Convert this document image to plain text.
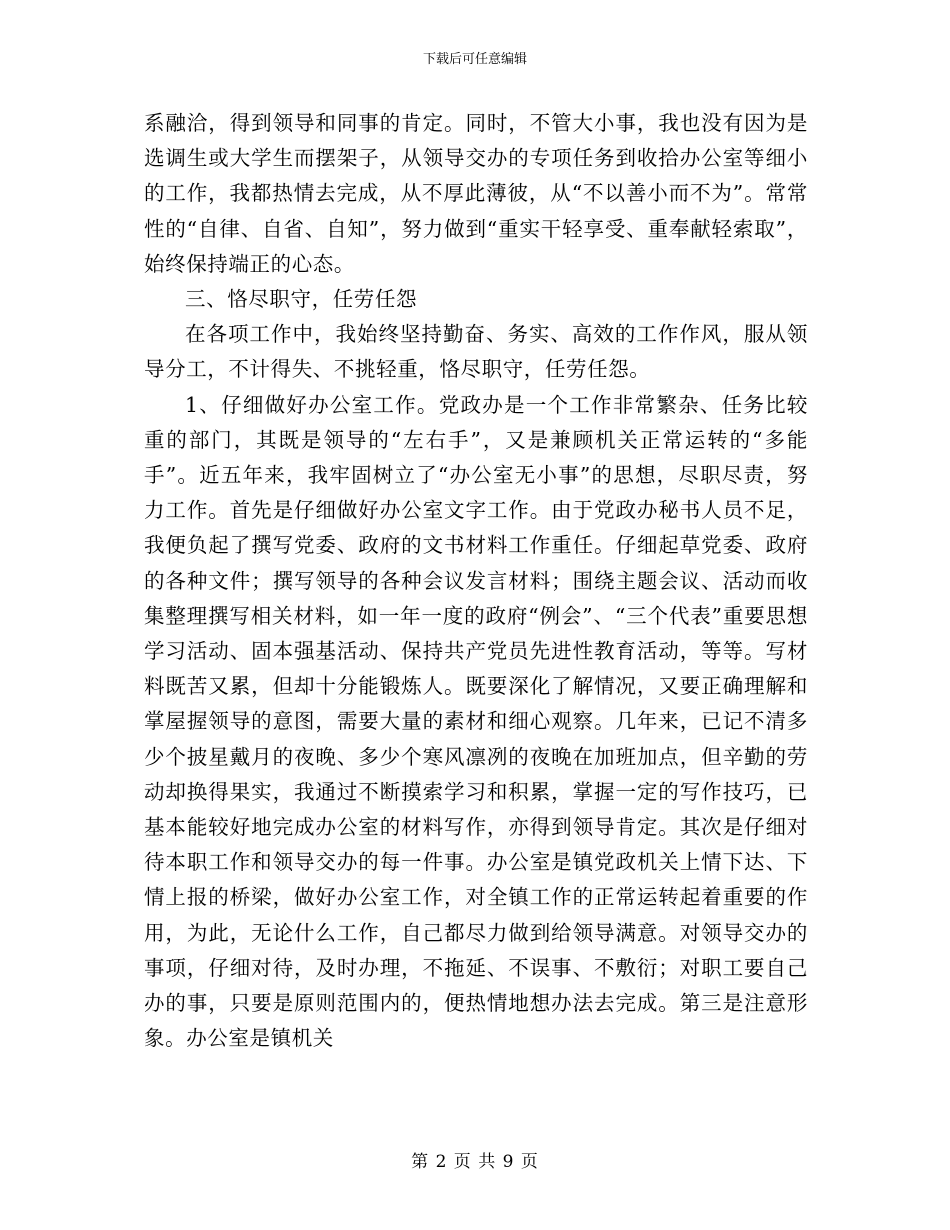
下载后可任意编辑

系融洽，得到领导和同事的肯定。同时，不管大小事，我也没有因为是选调生或大学生而摆架子，从领导交办的专项任务到收拾办公室等细小的工作，我都热情去完成，从不厚此薄彼，从“不以善小而不为”。常常性的“自律、自省、自知”，努力做到“重实干轻享受、重奉献轻索取”，始终保持端正的心态。

三、恪尽职守，任劳任怨

在各项工作中，我始终坚持勤奋、务实、高效的工作作风，服从领导分工，不计得失、不挑轻重，恪尽职守，任劳任怨。

1、仔细做好办公室工作。党政办是一个工作非常繁杂、任务比较重的部门，其既是领导的“左右手”，又是兼顾机关正常运转的“多能手”。近五年来，我牢固树立了“办公室无小事”的思想，尽职尽责，努力工作。首先是仔细做好办公室文字工作。由于党政办秘书人员不足，我便负起了撰写党委、政府的文书材料工作重任。仔细起草党委、政府的各种文件；撰写领导的各种会议发言材料；围绕主题会议、活动而收集整理撰写相关材料，如一年一度的政府“例会”、“三个代表”重要思想学习活动、固本强基活动、保持共产党员先进性教育活动，等等。写材料既苦又累，但却十分能锻炼人。既要深化了解情况，又要正确理解和掌屋握领导的意图，需要大量的素材和细心观察。几年来，已记不清多少个披星戴月的夜晚、多少个寒风凛冽的夜晚在加班加点，但辛勤的劳动却换得果实，我通过不断摸索学习和积累，掌握一定的写作技巧，已基本能较好地完成办公室的材料写作，亦得到领导肯定。其次是仔细对待本职工作和领导交办的每一件事。办公室是镇党政机关上情下达、下情上报的桥梁，做好办公室工作，对全镇工作的正常运转起着重要的作用，为此，无论什么工作，自己都尽力做到给领导满意。对领导交办的事项，仔细对待，及时办理，不拖延、不误事、不敷衍；对职工要自己办的事，只要是原则范围内的，便热情地想办法去完成。第三是注意形象。办公室是镇机关

第 2 页 共 9 页
